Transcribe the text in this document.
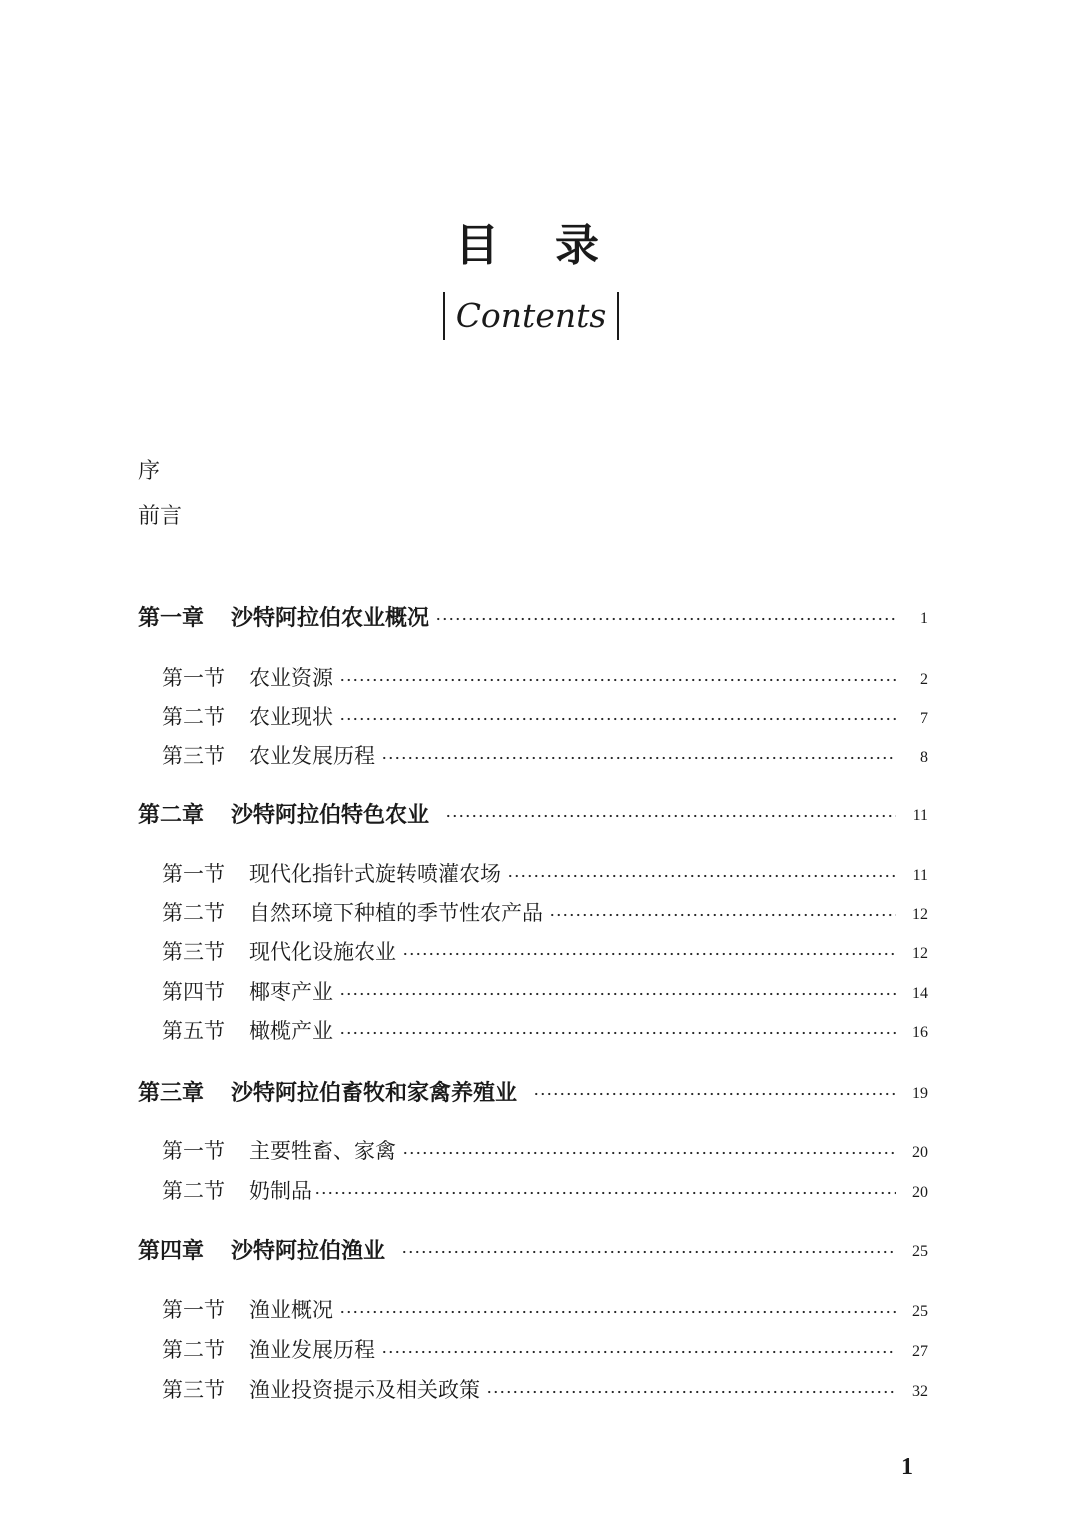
目录
Contents
序
前言
第一章 沙特阿拉伯农业概况	1
第一节 农业资源	2
第二节 农业现状	7
第三节 农业发展历程	8
第二章 沙特阿拉伯特色农业	11
第一节 现代化指针式旋转喷灌农场	11
第二节 自然环境下种植的季节性农产品	12
第三节 现代化设施农业	12
第四节 椰枣产业	14
第五节 橄榄产业	16
第三章 沙特阿拉伯畜牧和家禽养殖业	19
第一节 主要牲畜、家禽	20
第二节 奶制品	20
第四章 沙特阿拉伯渔业	25
第一节 渔业概况	25
第二节 渔业发展历程	27
第三节 渔业投资提示及相关政策	32
1
